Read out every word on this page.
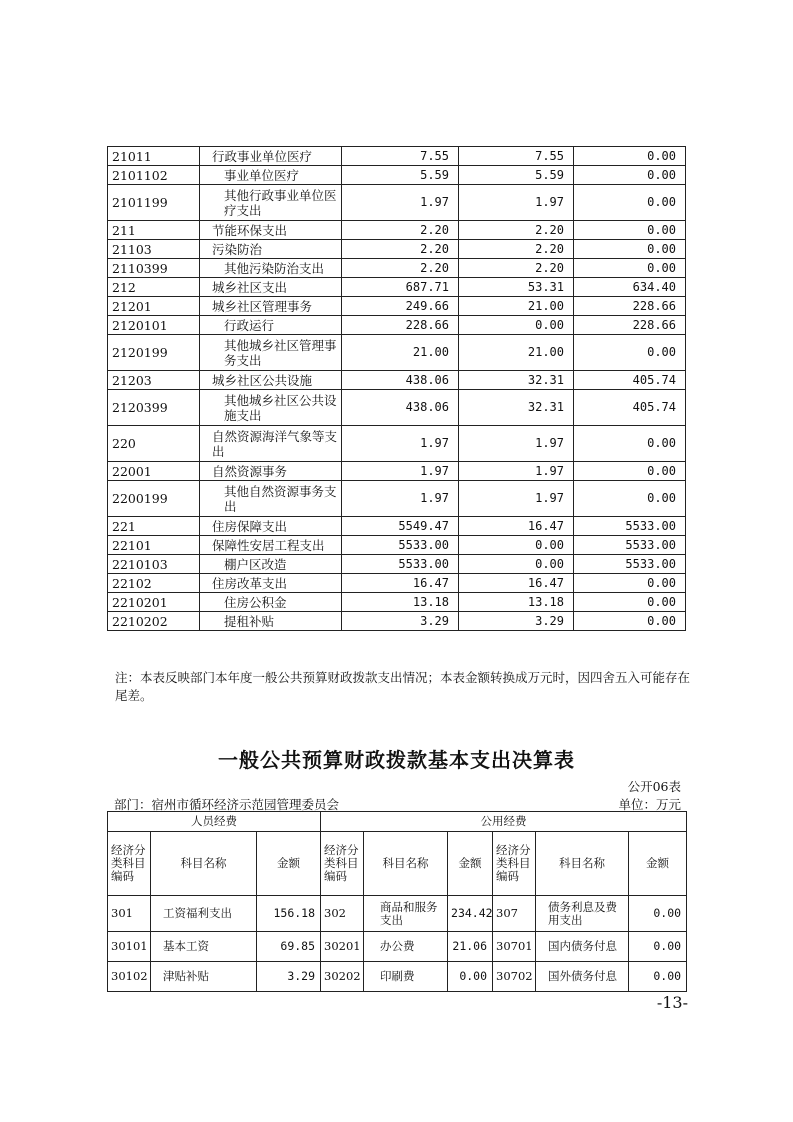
21011	行政事业单位医疗	7.55	7.55	0.00
2101102	事业单位医疗	5.59	5.59	0.00
2101199	其他行政事业单位医疗支出	1.97	1.97	0.00
211	节能环保支出	2.20	2.20	0.00
21103	污染防治	2.20	2.20	0.00
2110399	其他污染防治支出	2.20	2.20	0.00
212	城乡社区支出	687.71	53.31	634.40
21201	城乡社区管理事务	249.66	21.00	228.66
2120101	行政运行	228.66	0.00	228.66
2120199	其他城乡社区管理事务支出	21.00	21.00	0.00
21203	城乡社区公共设施	438.06	32.31	405.74
2120399	其他城乡社区公共设施支出	438.06	32.31	405.74
220	自然资源海洋气象等支出	1.97	1.97	0.00
22001	自然资源事务	1.97	1.97	0.00
2200199	其他自然资源事务支出	1.97	1.97	0.00
221	住房保障支出	5549.47	16.47	5533.00
22101	保障性安居工程支出	5533.00	0.00	5533.00
2210103	棚户区改造	5533.00	0.00	5533.00
22102	住房改革支出	16.47	16.47	0.00
2210201	住房公积金	13.18	13.18	0.00
2210202	提租补贴	3.29	3.29	0.00
注：本表反映部门本年度一般公共预算财政拨款支出情况；本表金额转换成万元时，因四舍五入可能存在尾差。
一般公共预算财政拨款基本支出决算表
公开06表
部门：宿州市循环经济示范园管理委员会	单位：万元
人员经费			公用经费					
经济分类科目编码	科目名称	金额	经济分类科目编码	科目名称	金额	经济分类科目编码	科目名称	金额
301	工资福利支出	156.18	302	商品和服务支出	234.42	307	债务利息及费用支出	0.00
30101	基本工资	69.85	30201	办公费	21.06	30701	国内债务付息	0.00
30102	津贴补贴	3.29	30202	印刷费	0.00	30702	国外债务付息	0.00
-13-
